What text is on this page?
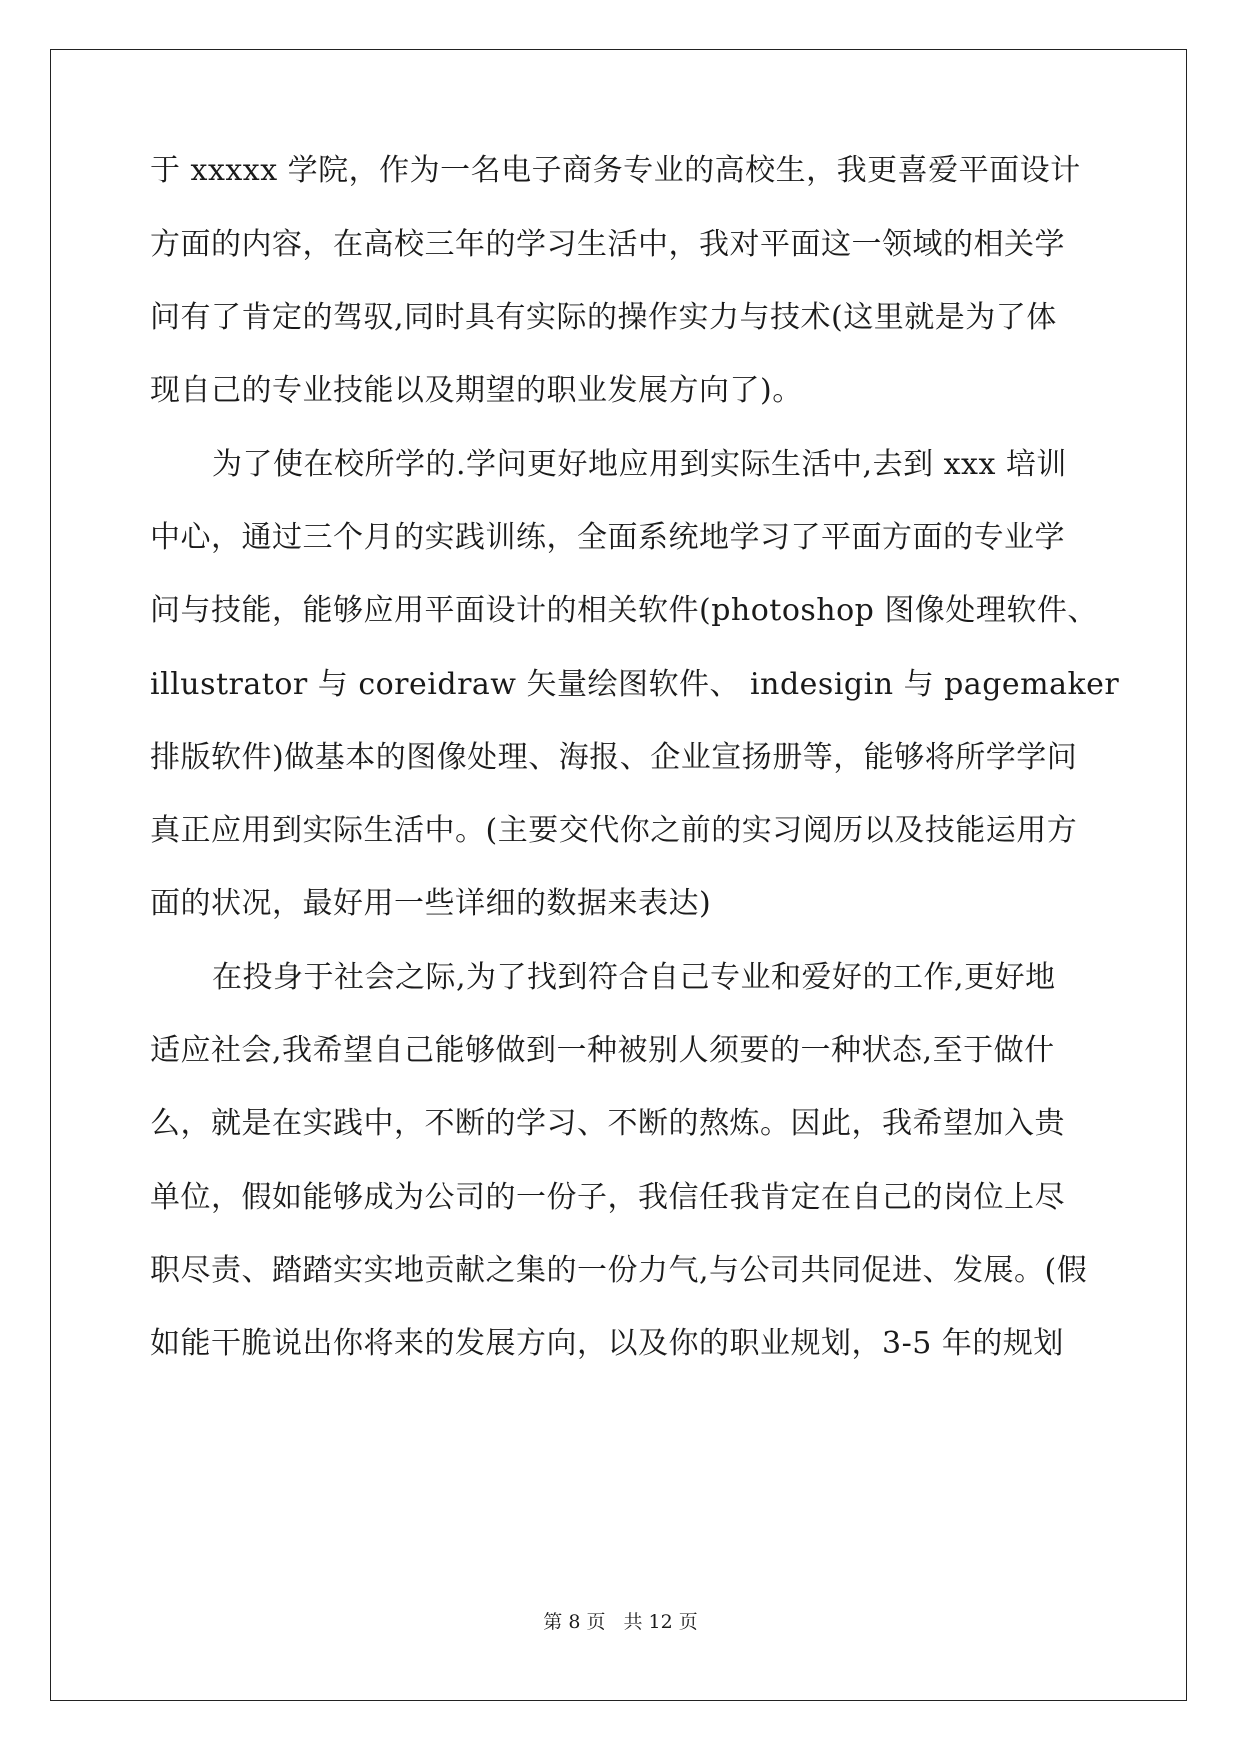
于 xxxxx 学院，作为一名电子商务专业的高校生，我更喜爱平面设计
方面的内容，在高校三年的学习生活中，我对平面这一领域的相关学
问有了肯定的驾驭,同时具有实际的操作实力与技术(这里就是为了体
现自己的专业技能以及期望的职业发展方向了)。
为了使在校所学的.学问更好地应用到实际生活中,去到 xxx 培训
中心，通过三个月的实践训练，全面系统地学习了平面方面的专业学
问与技能，能够应用平面设计的相关软件(photoshop 图像处理软件、
illustrator 与 coreidraw 矢量绘图软件、 indesigin 与 pagemaker
排版软件)做基本的图像处理、海报、企业宣扬册等，能够将所学学问
真正应用到实际生活中。(主要交代你之前的实习阅历以及技能运用方
面的状况，最好用一些详细的数据来表达)
在投身于社会之际,为了找到符合自己专业和爱好的工作,更好地
适应社会,我希望自己能够做到一种被别人须要的一种状态,至于做什
么，就是在实践中，不断的学习、不断的熬炼。因此，我希望加入贵
单位，假如能够成为公司的一份子，我信任我肯定在自己的岗位上尽
职尽责、踏踏实实地贡献之集的一份力气,与公司共同促进、发展。(假
如能干脆说出你将来的发展方向，以及你的职业规划，3-5 年的规划
第 8 页 共 12 页
